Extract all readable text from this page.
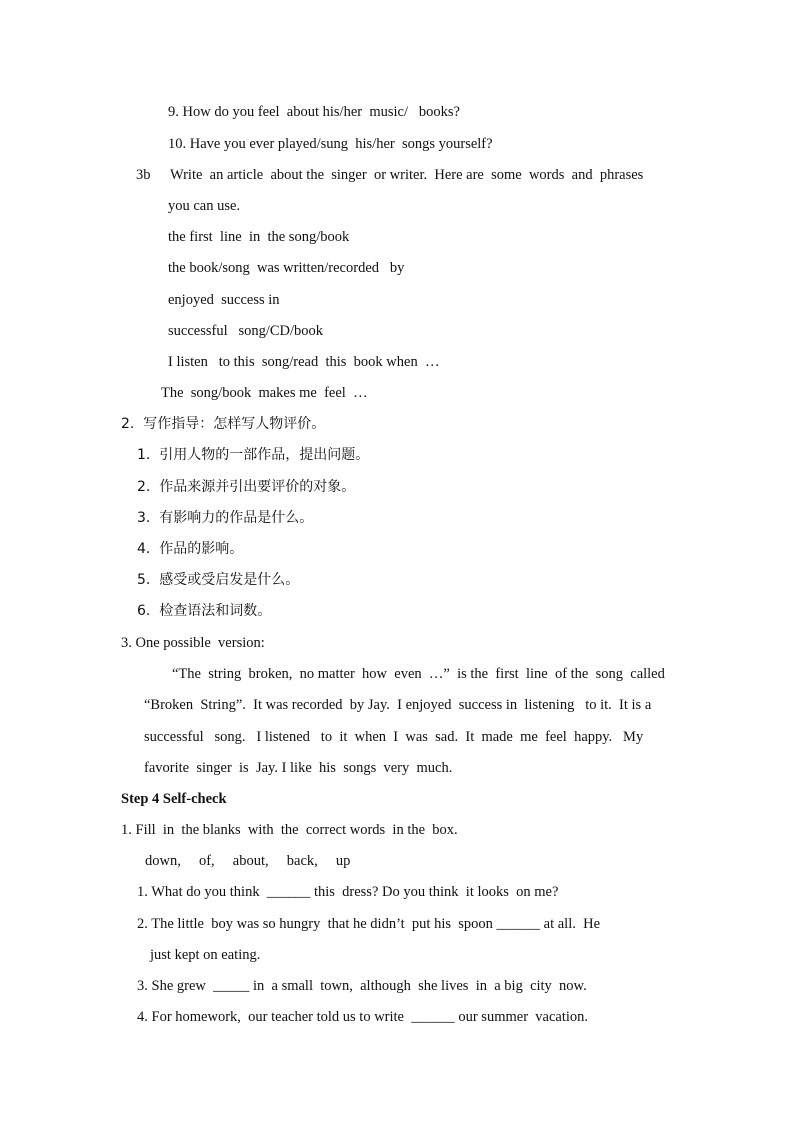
9. How do you feel  about his/her  music/   books?
10. Have you ever played/sung  his/her  songs yourself?
3b Write  an article  about the  singer  or writer.  Here are  some  words  and  phrases
you can use.
the first  line  in  the song/book
the book/song  was written/recorded   by
enjoyed  success in
successful   song/CD/book
I listen   to this  song/read  this  book when  …
The  song/book  makes me  feel  …
2.  写作指导：怎样写人物评价。
1.  引用人物的一部作品，提出问题。
2.  作品来源并引出要评价的对象。
3.  有影响力的作品是什么。
4.  作品的影响。
5.  感受或受启发是什么。
6.  检查语法和词数。
3. One possible  version:
“The  string  broken,  no matter  how  even  …”  is the  first  line  of the  song  called
“Broken  String”.  It was recorded  by Jay.  I enjoyed  success in  listening   to it.  It is a
successful   song.   I listened   to  it  when  I  was  sad.  It  made  me  feel  happy.   My
favorite  singer  is  Jay. I like  his  songs  very  much.
Step 4 Self-check
1. Fill  in  the blanks  with  the  correct words  in the  box.
down,     of,     about,     back,     up
1. What do you think  ______ this  dress? Do you think  it looks  on me?
2. The little  boy was so hungry  that he didn’t  put his  spoon ______ at all.  He
just kept on eating.
3. She grew  _____ in  a small  town,  although  she lives  in  a big  city  now.
4. For homework,  our teacher told us to write  ______ our summer  vacation.
